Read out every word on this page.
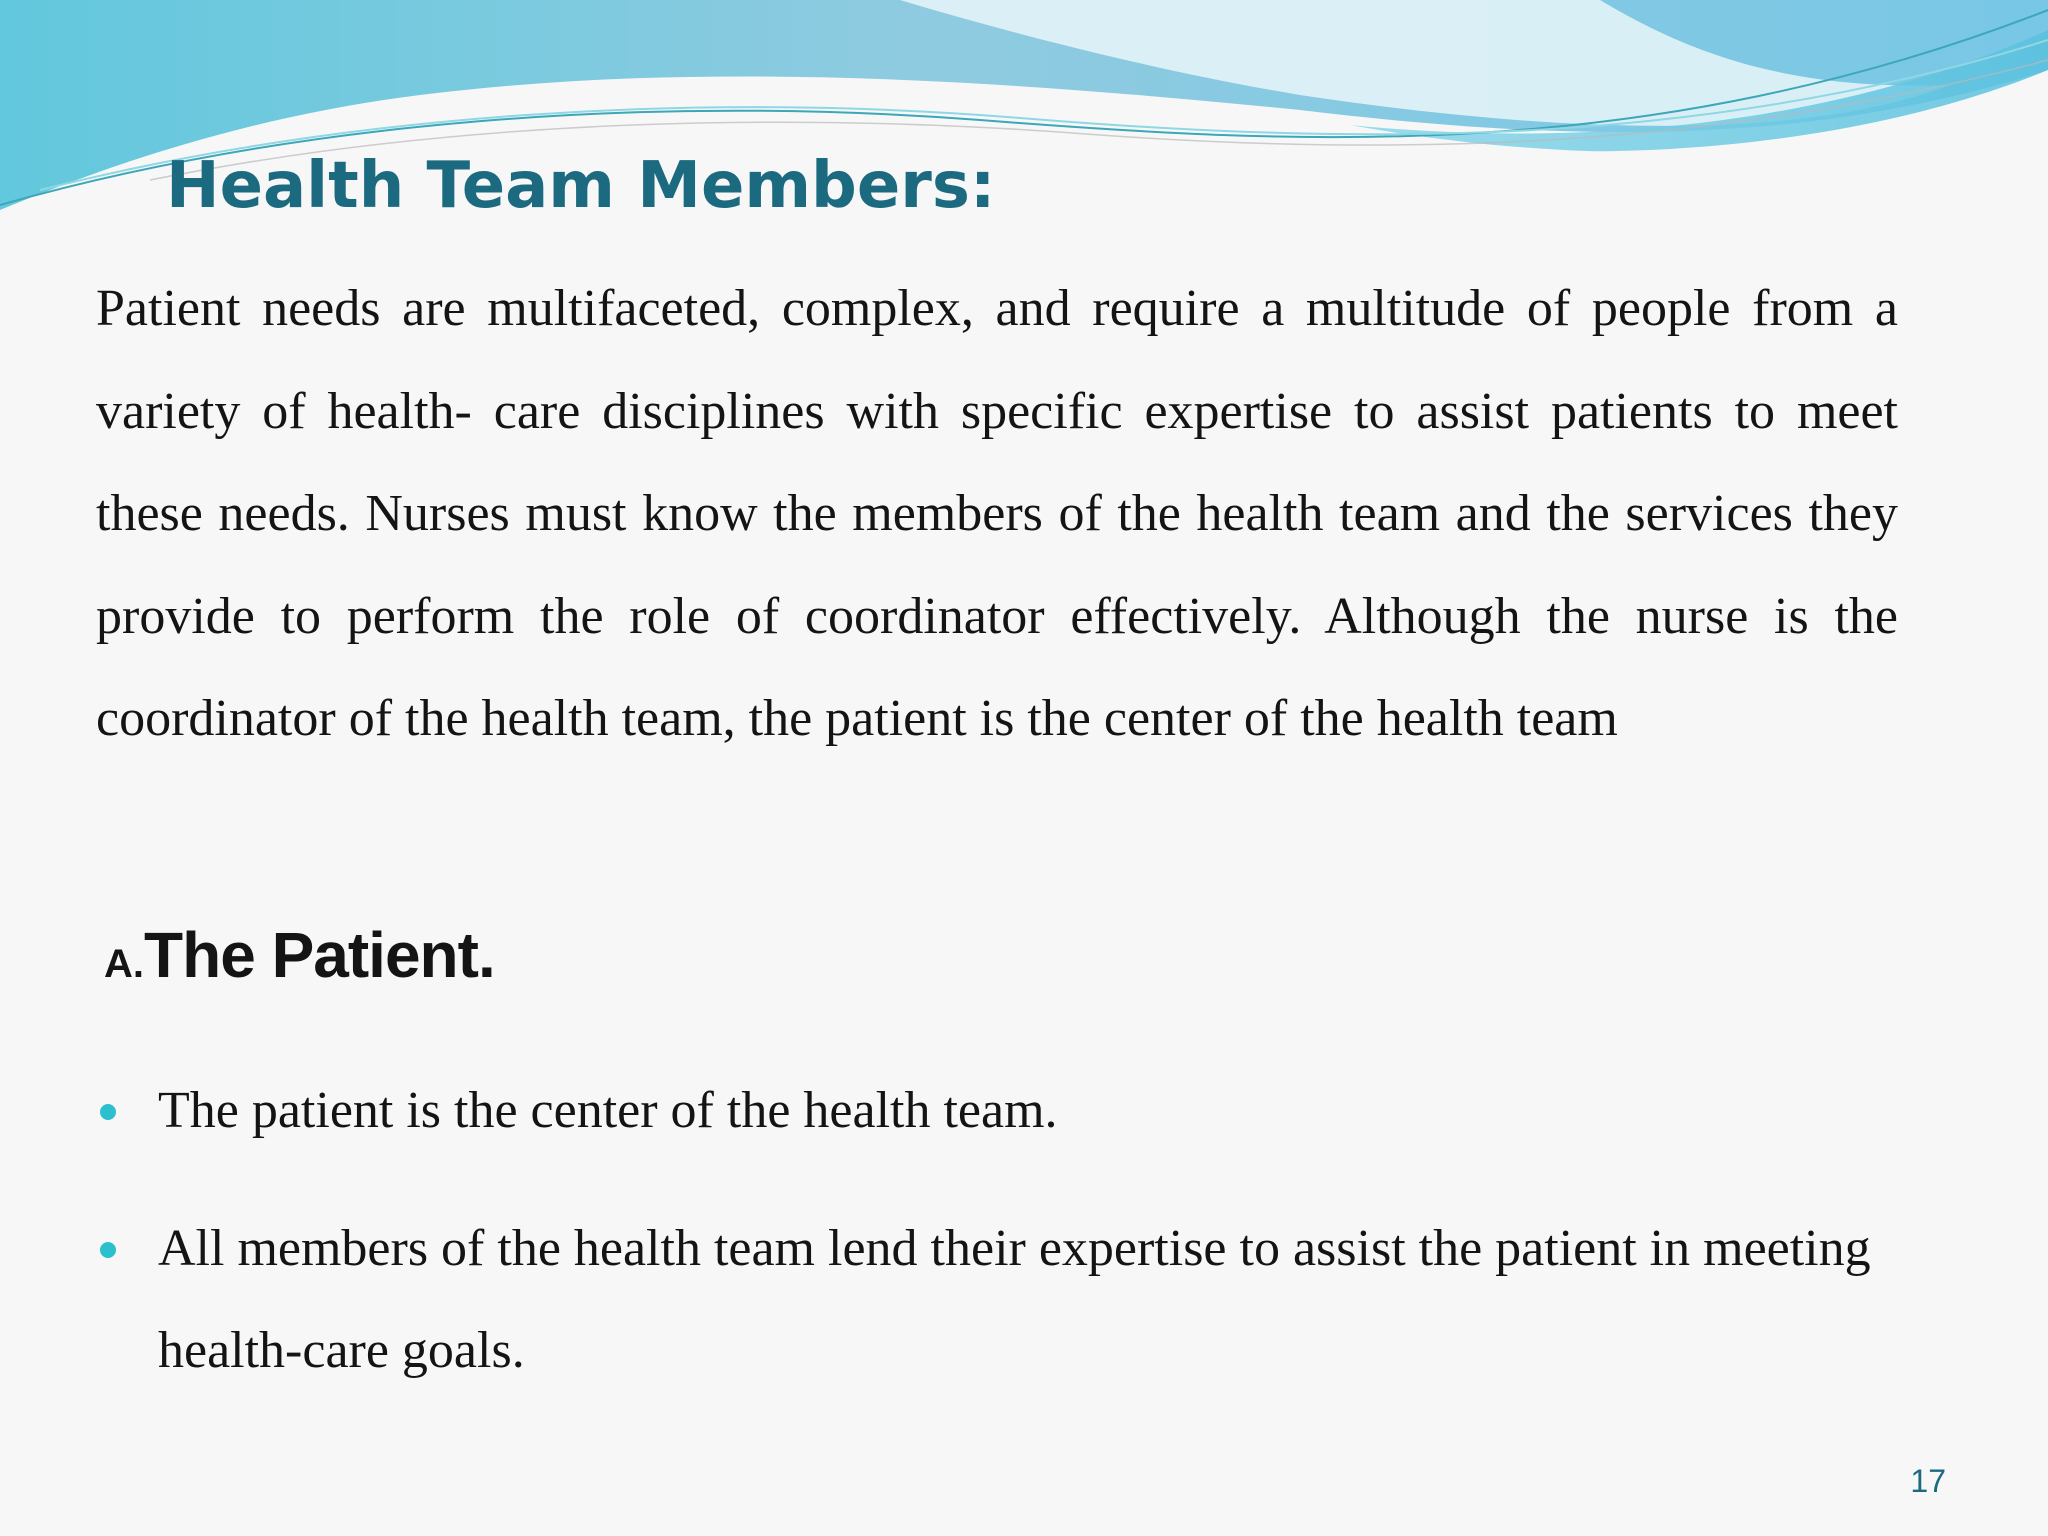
Health Team Members:

Patient needs are multifaceted, complex, and require a multitude of people from a variety of health- care disciplines with specific expertise to assist patients to meet these needs. Nurses must know the members of the health team and the services they provide to perform the role of coordinator effectively. Although the nurse is the coordinator of the health team, the patient is the center of the health team

A.The Patient.
The patient is the center of the health team.
All members of the health team lend their expertise to assist the patient in meeting health-care goals.
17
